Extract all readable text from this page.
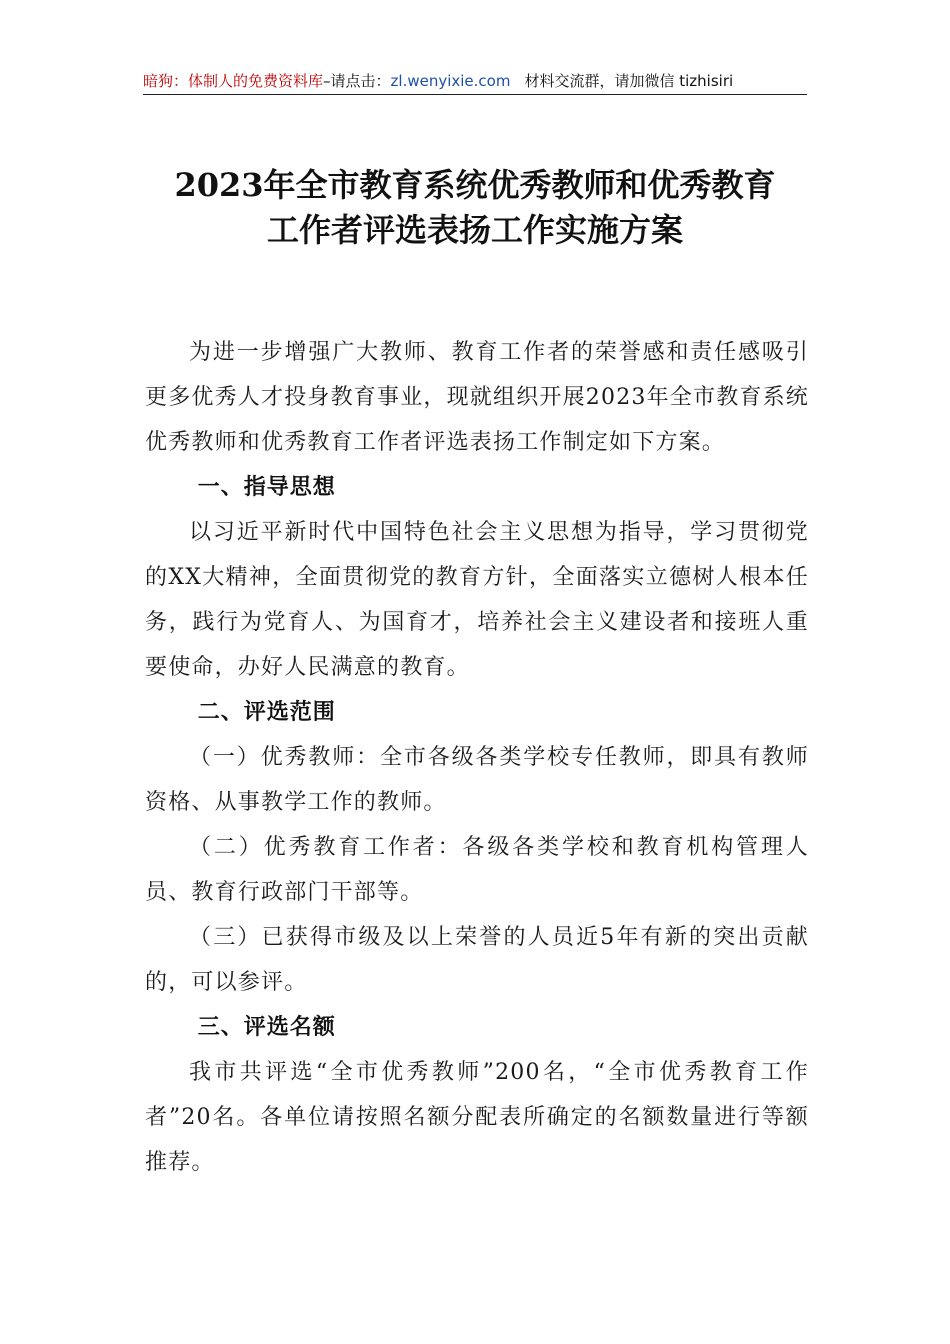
暗狗：体制人的免费资料库–请点击：zl.wenyixie.com 材料交流群，请加微信 tizhisiri
2023年全市教育系统优秀教师和优秀教育
工作者评选表扬工作实施方案

为进一步增强广大教师、教育工作者的荣誉感和责任感吸引更多优秀人才投身教育事业，现就组织开展2023年全市教育系统优秀教师和优秀教育工作者评选表扬工作制定如下方案。

一、指导思想

以习近平新时代中国特色社会主义思想为指导，学习贯彻党的XX大精神，全面贯彻党的教育方针，全面落实立德树人根本任务，践行为党育人、为国育才，培养社会主义建设者和接班人重要使命，办好人民满意的教育。

二、评选范围

（一）优秀教师：全市各级各类学校专任教师，即具有教师资格、从事教学工作的教师。

（二）优秀教育工作者：各级各类学校和教育机构管理人员、教育行政部门干部等。

（三）已获得市级及以上荣誉的人员近5年有新的突出贡献的，可以参评。

三、评选名额

我市共评选“全市优秀教师”200名，“全市优秀教育工作者”20名。各单位请按照名额分配表所确定的名额数量进行等额推荐。
